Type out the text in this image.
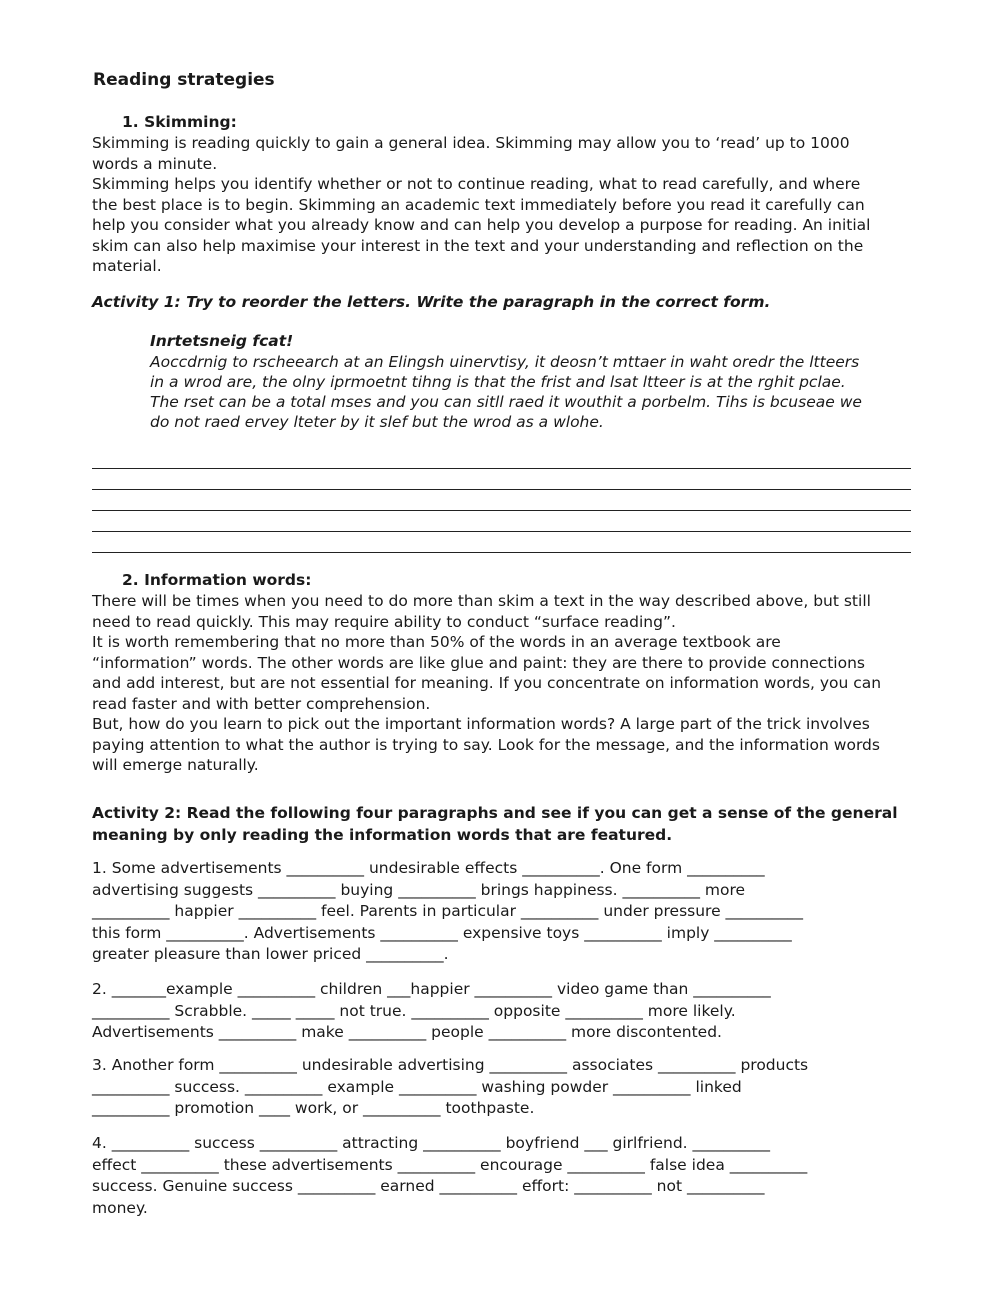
Reading strategies
1. Skimming:

Skimming is reading quickly to gain a general idea. Skimming may allow you to ‘read’ up to 1000
words a minute.
Skimming helps you identify whether or not to continue reading, what to read carefully, and where
the best place is to begin. Skimming an academic text immediately before you read it carefully can
help you consider what you already know and can help you develop a purpose for reading. An initial
skim can also help maximise your interest in the text and your understanding and reflection on the
material.

Activity 1: Try to reorder the letters. Write the paragraph in the correct form.

Inrtetsneig fcat!

Aoccdrnig to rscheearch at an Elingsh uinervtisy, it deosn’t mttaer in waht oredr the ltteers
in a wrod are, the olny iprmoetnt tihng is that the frist and lsat ltteer is at the rghit pclae.
The rset can be a total mses and you can sitll raed it wouthit a porbelm. Tihs is bcuseae we
do not raed ervey lteter by it slef but the wrod as a wlohe.

2. Information words:

There will be times when you need to do more than skim a text in the way described above, but still
need to read quickly. This may require ability to conduct “surface reading”.
It is worth remembering that no more than 50% of the words in an average textbook are
“information” words. The other words are like glue and paint: they are there to provide connections
and add interest, but are not essential for meaning. If you concentrate on information words, you can
read faster and with better comprehension.
But, how do you learn to pick out the important information words? A large part of the trick involves
paying attention to what the author is trying to say. Look for the message, and the information words
will emerge naturally.

Activity 2: Read the following four paragraphs and see if you can get a sense of the general
meaning by only reading the information words that are featured.

1. Some advertisements __________ undesirable effects __________. One form __________
advertising suggests __________ buying __________ brings happiness. __________ more
__________ happier __________ feel. Parents in particular __________ under pressure __________
this form __________. Advertisements __________ expensive toys __________ imply __________
greater pleasure than lower priced __________.

2. _______example __________ children ___happier __________ video game than __________
__________ Scrabble. _____ _____ not true. __________ opposite __________ more likely.
Advertisements __________ make __________ people __________ more discontented.

3. Another form __________ undesirable advertising __________ associates __________ products
__________ success. __________ example __________ washing powder __________ linked
__________ promotion ____ work, or __________ toothpaste.

4. __________ success __________ attracting __________ boyfriend ___ girlfriend. __________
effect __________ these advertisements __________ encourage __________ false idea __________
success. Genuine success __________ earned __________ effort: __________ not __________
money.
